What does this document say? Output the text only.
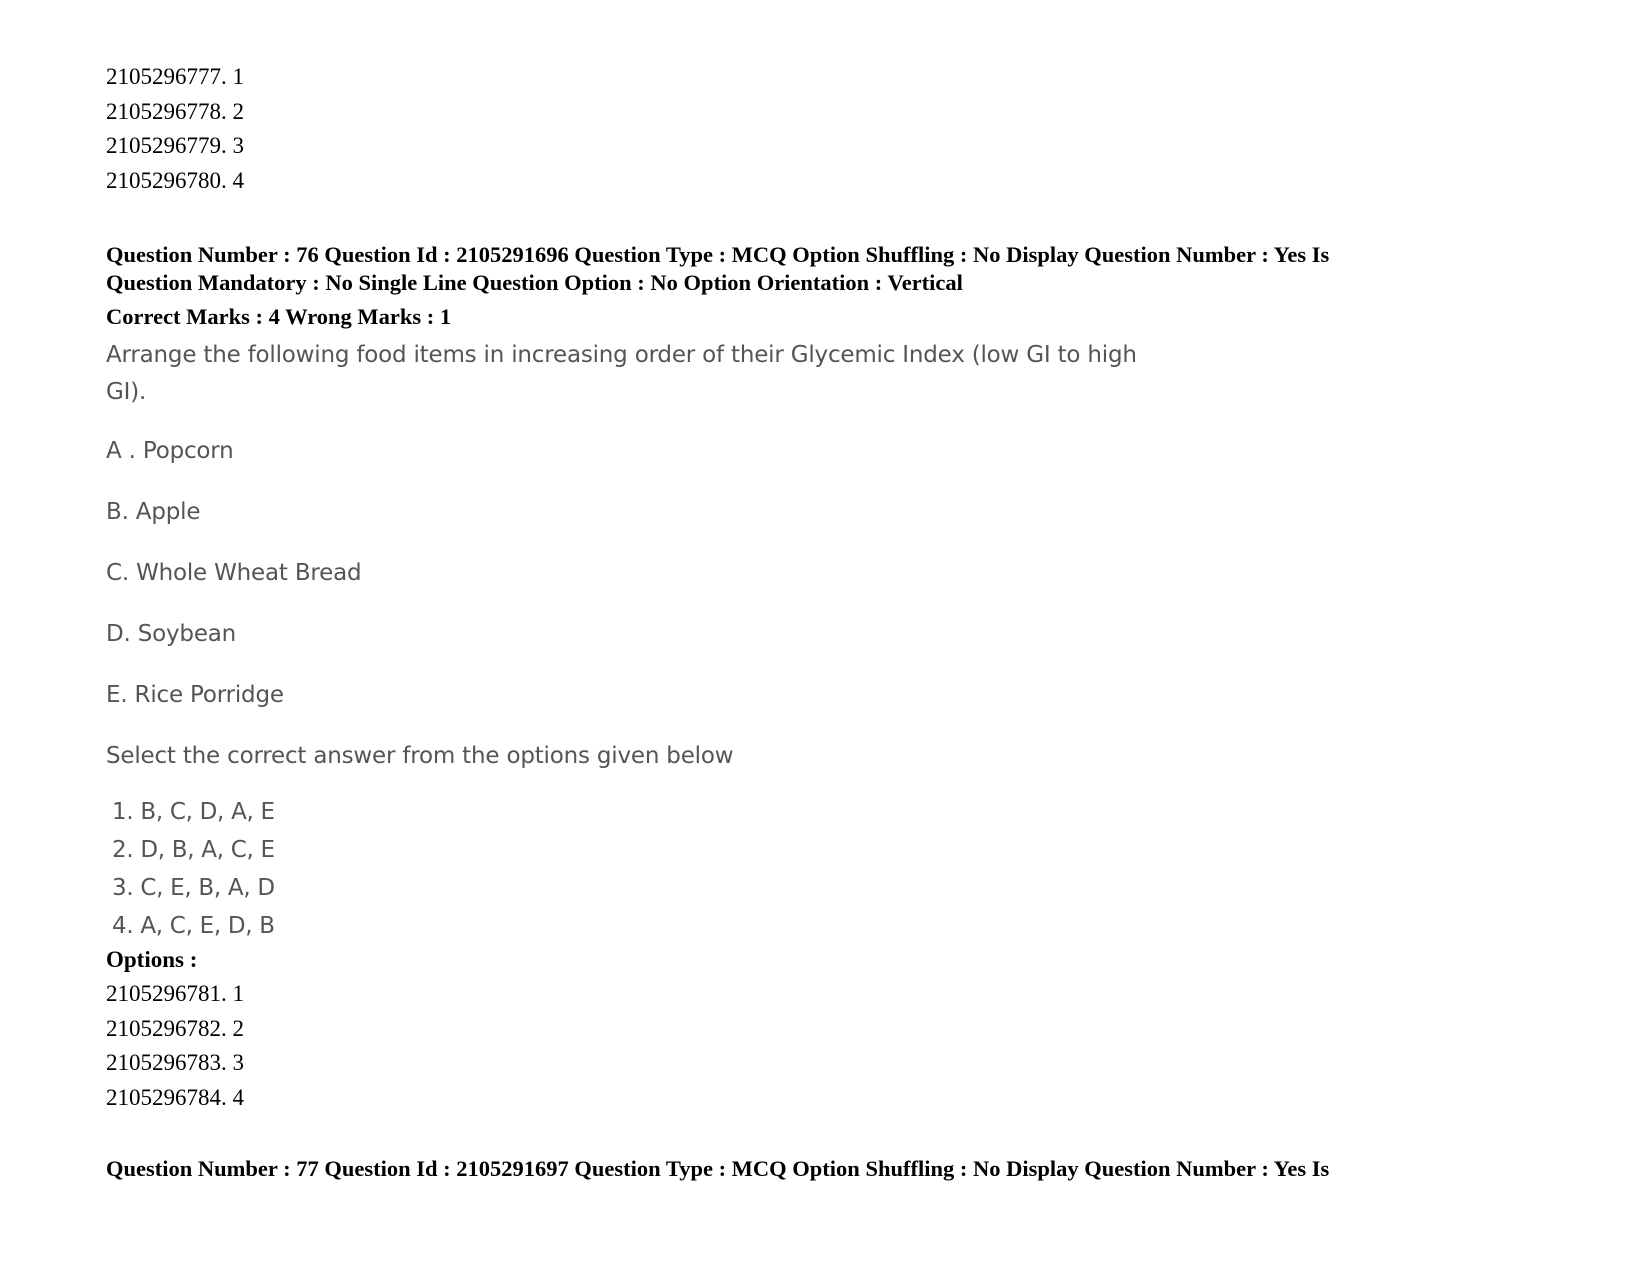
2105296777. 1
2105296778. 2
2105296779. 3
2105296780. 4
Question Number : 76 Question Id : 2105291696 Question Type : MCQ Option Shuffling : No Display Question Number : Yes Is
Question Mandatory : No Single Line Question Option : No Option Orientation : Vertical
Correct Marks : 4 Wrong Marks : 1
Arrange the following food items in increasing order of their Glycemic Index (low GI to high GI).
A . Popcorn
B. Apple
C. Whole Wheat Bread
D. Soybean
E. Rice Porridge
Select the correct answer from the options given below
1. B, C, D, A, E
2. D, B, A, C, E
3. C, E, B, A, D
4. A, C, E, D, B
Options :
2105296781. 1
2105296782. 2
2105296783. 3
2105296784. 4
Question Number : 77 Question Id : 2105291697 Question Type : MCQ Option Shuffling : No Display Question Number : Yes Is
